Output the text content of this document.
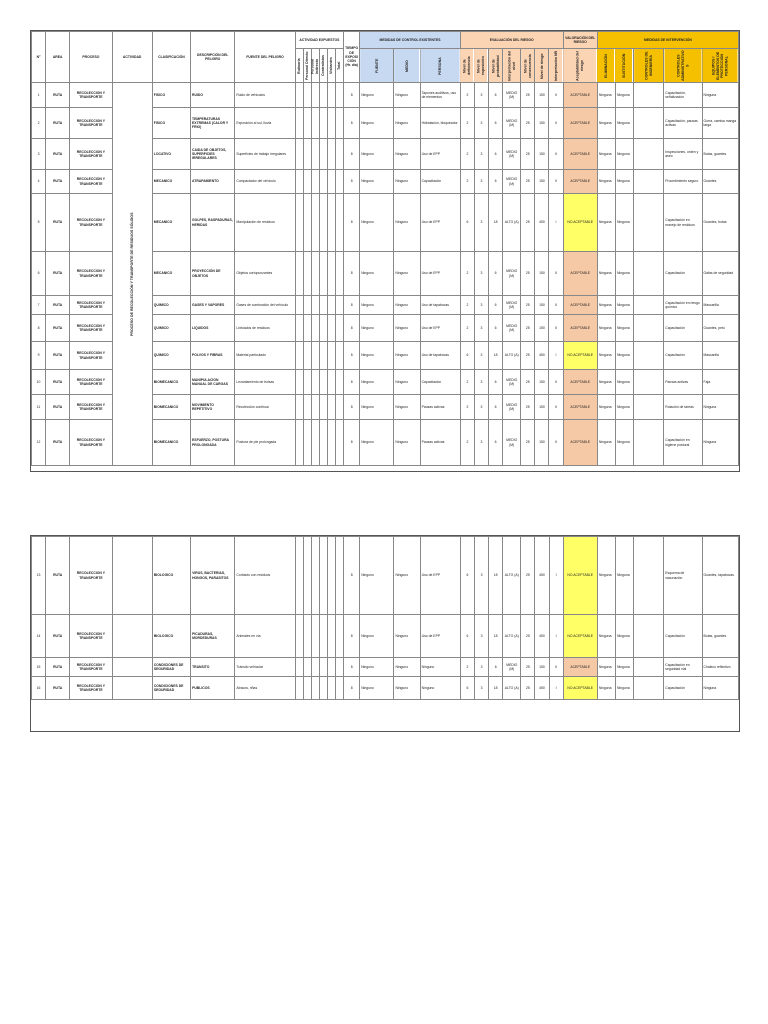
N°	AREA	PROCESO	ACTIVIDAD	CLASIFICACIÓN	DESCRIPCIÓN DEL PELIGRO	FUENTE DEL PELIGRO	ACTIVIDAD EXPUESTOS						TIEMPO DE EXPOSICIÓN (Hr. día)	MEDIDAS DE CONTROL EXISTENTES			EVALUACIÓN DEL RIESGO							VALORACIÓN DEL RIESGO	MEDIDAS DE INTERVENCIÓN				
							Rutinaria	Personal Directo	Personal Indirecto	Contratistas	Visitantes	Total		FUENTE	MEDIO	PERSONA	Nivel de deficiencia	Nivel de exposición	Nivel de probabilidad	Interpretación del nivel	Nivel de consecuencia	Nivel de riesgo	Interpretación NR	Aceptabilidad del riesgo	ELIMINACIÓN	SUSTITUCIÓN	CONTROLES DE INGENIERÍA	CONTROLES ADMINISTRATIVOS	EQUIPOS / ELEMENTOS DE PROTECCIÓN PERSONAL
1	RUTA	RECOLECCION Y TRANSPORTE	PROCESO DE RECOLECCIÓN Y TRANSPORTE DE RESIDUOS SÓLIDOS	FISICO	RUIDO	Ruido de vehiculos							8	Ninguno	Ninguno	Tapones auditivos, uso de elementos	2	3	6	MEDIO (M)	25	150	II	ACEPTABLE	Ninguna	Ninguna		Capacitación, señalización	Ninguna
2	RUTA	RECOLECCION Y TRANSPORTE		FISICO	TEMPERATURAS EXTREMAS (CALOR Y FRIO)	Exposición al sol, lluvia							8	Ninguno	Ninguno	Hidratación, bloqueador	2	3	6	MEDIO (M)	25	150	II	ACEPTABLE	Ninguna	Ninguna		Capacitación, pausas activas	Gorra, camisa manga larga
3	RUTA	RECOLECCION Y TRANSPORTE		LOCATIVO	CAIDA DE OBJETOS, SUPERFICIES IRREGULARES	Superficies de trabajo irregulares							8	Ninguno	Ninguno	Uso de EPP	2	3	6	MEDIO (M)	25	150	II	ACEPTABLE	Ninguna	Ninguna		Inspecciones, orden y aseo	Botas, guantes
4	RUTA	RECOLECCION Y TRANSPORTE		MECANICO	ATRAPAMIENTO	Compactador del vehículo							8	Ninguno	Ninguno	Capacitación	2	3	6	MEDIO (M)	25	150	II	ACEPTABLE	Ninguna	Ninguna		Procedimiento seguro	Guantes
5	RUTA	RECOLECCION Y TRANSPORTE		MECANICO	GOLPES, RASPADURAS, HERIDAS	Manipulación de residuos							8	Ninguno	Ninguno	Uso de EPP	6	3	18	ALTO (A)	25	450	I	NO ACEPTABLE	Ninguna	Ninguna		Capacitación en manejo de residuos	Guantes, botas
6	RUTA	RECOLECCION Y TRANSPORTE		MECANICO	PROYECCIÓN DE OBJETOS	Objetos cortopunzantes							8	Ninguno	Ninguno	Uso de EPP	2	3	6	MEDIO (M)	25	150	II	ACEPTABLE	Ninguna	Ninguna		Capacitación	Gafas de seguridad
7	RUTA	RECOLECCION Y TRANSPORTE		QUIMICO	GASES Y VAPORES	Gases de combustión del vehículo							8	Ninguno	Ninguno	Uso de tapabocas	2	3	6	MEDIO (M)	25	150	II	ACEPTABLE	Ninguna	Ninguna		Capacitación en riesgo químico	Mascarilla
8	RUTA	RECOLECCION Y TRANSPORTE		QUIMICO	LIQUIDOS	Lixiviados de residuos							8	Ninguno	Ninguno	Uso de EPP	2	3	6	MEDIO (M)	25	150	II	ACEPTABLE	Ninguna	Ninguna		Capacitación	Guantes, peto
9	RUTA	RECOLECCION Y TRANSPORTE		QUIMICO	POLVOS Y FIBRAS	Material particulado							8	Ninguno	Ninguno	Uso de tapabocas	6	3	18	ALTO (A)	25	450	I	NO ACEPTABLE	Ninguna	Ninguna		Capacitación	Mascarilla
10	RUTA	RECOLECCION Y TRANSPORTE		BIOMECANICO	MANIPULACION MANUAL DE CARGAS	Levantamiento de bolsas							8	Ninguno	Ninguno	Capacitación	2	3	6	MEDIO (M)	25	150	II	ACEPTABLE	Ninguna	Ninguna		Pausas activas	Faja
11	RUTA	RECOLECCION Y TRANSPORTE		BIOMECANICO	MOVIMIENTO REPETITIVO	Recolección continua							8	Ninguno	Ninguno	Pausas activas	2	3	6	MEDIO (M)	25	150	II	ACEPTABLE	Ninguna	Ninguna		Rotación de tareas	Ninguna
12	RUTA	RECOLECCION Y TRANSPORTE		BIOMECANICO	ESFUERZO, POSTURA PROLONGADA	Postura de pie prolongada							8	Ninguno	Ninguno	Pausas activas	2	3	6	MEDIO (M)	25	150	II	ACEPTABLE	Ninguna	Ninguna		Capacitación en higiene postural	Ninguna
13	RUTA	RECOLECCION Y TRANSPORTE		BIOLOGICO	VIRUS, BACTERIAS, HONGOS, PARASITOS	Contacto con residuos							8	Ninguno	Ninguno	Uso de EPP	6	3	18	ALTO (A)	25	450	I	NO ACEPTABLE	Ninguna	Ninguna		Esquema de vacunación	Guantes, tapabocas
14	RUTA	RECOLECCION Y TRANSPORTE		BIOLOGICO	PICADURAS, MORDEDURAS	Animales en vía							8	Ninguno	Ninguno	Uso de EPP	6	3	18	ALTO (A)	25	450	I	NO ACEPTABLE	Ninguna	Ninguna		Capacitación	Botas, guantes
15	RUTA	RECOLECCION Y TRANSPORTE		CONDICIONES DE SEGURIDAD	TRANSITO	Tránsito vehicular							8	Ninguno	Ninguno	Ninguno	2	3	6	MEDIO (M)	25	150	II	ACEPTABLE	Ninguna	Ninguna		Capacitación en seguridad vial	Chaleco reflectivo
16	RUTA	RECOLECCION Y TRANSPORTE		CONDICIONES DE SEGURIDAD	PUBLICOS	Atracos, riñas							8	Ninguno	Ninguno	Ninguno	6	3	18	ALTO (A)	25	450	I	NO ACEPTABLE	Ninguna	Ninguna		Capacitación	Ninguna
